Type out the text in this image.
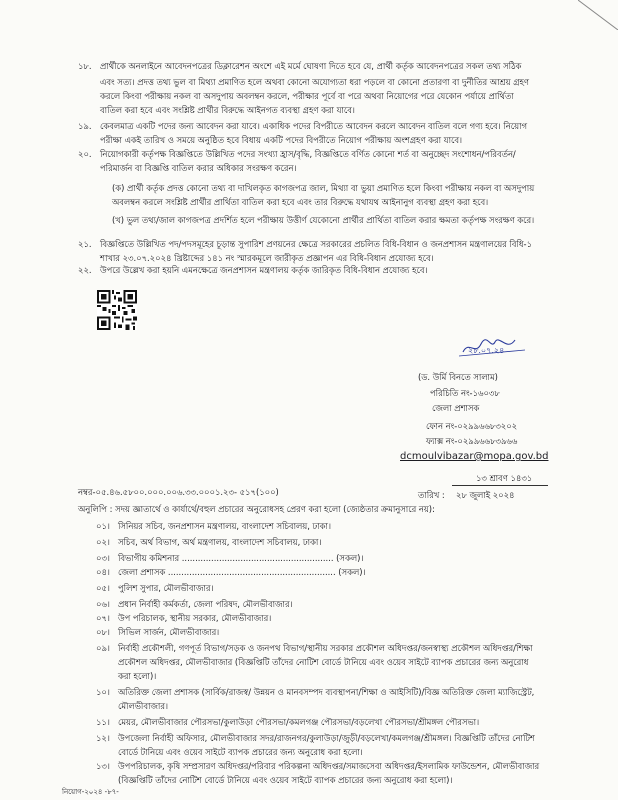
১৮. প্রার্থীকে অনলাইনে আবেদনপত্রের ডিক্লারেশন অংশে এই মর্মে ঘোষণা দিতে হবে যে, প্রার্থী কর্তৃক আবেদনপত্রের সকল তথ্য সঠিক
এবং সত্য। প্রদত্ত তথ্য ভুল বা মিথ্যা প্রমাণিত হলে অথবা কোনো অযোগ্যতা ধরা পড়লে বা কোনো প্রতারণা বা দুর্নীতির আশ্রয় গ্রহণ
করলে কিংবা পরীক্ষায় নকল বা অসদুপায় অবলম্বন করলে, পরীক্ষার পূর্বে বা পরে অথবা নিয়োগের পরে যেকোন পর্যায়ে প্রার্থিতা
বাতিল করা হবে এবং সংশ্লিষ্ট প্রার্থীর বিরুদ্ধে আইনগত ব্যবস্থা গ্রহণ করা যাবে।
১৯. কেবলমাত্র একটি পদের জন্য আবেদন করা যাবে। একাধিক পদের বিপরীতে আবেদন করলে আবেদন বাতিল বলে গণ্য হবে। নিয়োগ
পরীক্ষা একই তারিখ ও সময়ে অনুষ্ঠিত হবে বিধায় একটি পদের বিপরীতে নিয়োগ পরীক্ষায় অংশগ্রহণ করা যাবে।
২০. নিয়োগকারী কর্তৃপক্ষ বিজ্ঞপ্তিতে উল্লিখিত পদের সংখ্যা হ্রাস/বৃদ্ধি, বিজ্ঞপ্তিতে বর্ণিত কোনো শর্ত বা অনুচ্ছেদ সংশোধন/পরিবর্তন/
পরিমার্জন বা বিজ্ঞপ্তি বাতিল করার অধিকার সংরক্ষণ করেন।
(ক) প্রার্থী কর্তৃক প্রদত্ত কোনো তথ্য বা দাখিলকৃত কাগজপত্র জাল, মিথ্যা বা ভুয়া প্রমাণিত হলে কিংবা পরীক্ষায় নকল বা অসদুপায়
অবলম্বন করলে সংশ্লিষ্ট প্রার্থীর প্রার্থিতা বাতিল করা হবে এবং তার বিরুদ্ধে যথাযথ আইনানুগ ব্যবস্থা গ্রহণ করা হবে।
(খ) ভুল তথ্য/জাল কাগজপত্র প্রদর্শিত হলে পরীক্ষায় উত্তীর্ণ যেকোনো প্রার্থীর প্রার্থিতা বাতিল করার ক্ষমতা কর্তৃপক্ষ সংরক্ষণ করে।
২১. বিজ্ঞপ্তিতে উল্লিখিত পদ/পদসমূহের চূড়ান্ত সুপারিশ প্রণয়নের ক্ষেত্রে সরকারের প্রচলিত বিধি-বিধান ও জনপ্রশাসন মন্ত্রণালয়ের বিধি-১
শাখার ২৩.০৭.২০২৪ খ্রিষ্টাব্দের ১৪১ নং স্মারকমূলে জারীকৃত প্রজ্ঞাপন এর বিধি-বিধান প্রযোজ্য হবে।
২২. উপরে উল্লেখ করা হয়নি এমনক্ষেত্রে জনপ্রশাসন মন্ত্রণালয় কর্তৃক জারিকৃত বিধি-বিধান প্রযোজ্য হবে।
২৮.০৭.২৪
(ড. উর্মি বিনতে সালাম)
পরিচিতি নং-১৬০৩৮
জেলা প্রশাসক
ফোন নং-০২৯৯৬৬৮৩২০২
ফ্যাক্স নং-০২৯৯৬৬৮৩৯৬৬
dcmoulvibazar@mopa.gov.bd
১৩ শ্রাবণ ১৪৩১
তারিখ : ২৮ জুলাই ২০২৪
নম্বর-০৫.৪৬.৫৮০০.০০০.০০৬.৩৩.০০০১.২৩- ৫১৭(১০০)
অনুলিপি : সদয় জ্ঞাতার্থে ও কার্যার্থে/বহুল প্রচারের অনুরোধসহ প্রেরণ করা হলো (জ্যেষ্ঠতার ক্রমানুসারে নয়):
০১। সিনিয়র সচিব, জনপ্রশাসন মন্ত্রণালয়, বাংলাদেশ সচিবালয়, ঢাকা।
০২। সচিব, অর্থ বিভাগ, অর্থ মন্ত্রণালয়, বাংলাদেশ সচিবালয়, ঢাকা।
০৩। বিভাগীয় কমিশনার ......................................................... (সকল)।
০৪। জেলা প্রশাসক ............................................................... (সকল)।
০৫। পুলিশ সুপার, মৌলভীবাজার।
০৬। প্রধান নির্বাহী কর্মকর্তা, জেলা পরিষদ, মৌলভীবাজার।
০৭। উপ পরিচালক, স্থানীয় সরকার, মৌলভীবাজার।
০৮। সিভিল সার্জন, মৌলভীবাজার।
০৯। নির্বাহী প্রকৌশলী, গণপূর্ত বিভাগ/সড়ক ও জনপথ বিভাগ/স্থানীয় সরকার প্রকৌশল অধিদপ্তর/জনস্বাস্থ্য প্রকৌশল অধিদপ্তর/শিক্ষা
প্রকৌশল অধিদপ্তর, মৌলভীবাজার (বিজ্ঞপ্তিটি তাঁদের নোটিশ বোর্ডে টানিয়ে এবং ওয়েব সাইটে ব্যাপক প্রচারের জন্য অনুরোধ
করা হলো)।
১০। অতিরিক্ত জেলা প্রশাসক (সার্বিক/রাজস্ব/ উন্নয়ন ও মানবসম্পদ ব্যবস্থাপনা/শিক্ষা ও আইসিটি)/বিজ্ঞ অতিরিক্ত জেলা ম্যাজিস্ট্রেট,
মৌলভীবাজার।
১১। মেয়র, মৌলভীবাজার পৌরসভা/কুলাউড়া পৌরসভা/কমলগঞ্জ পৌরসভা/বড়লেখা পৌরসভা/শ্রীমঙ্গল পৌরসভা।
১২। উপজেলা নির্বাহী অফিসার, মৌলভীবাজার সদর/রাজনগর/কুলাউড়া/জুড়ী/বড়লেখা/কমলগঞ্জ/শ্রীমঙ্গল। বিজ্ঞপ্তিটি তাঁদের নোটিশ
বোর্ডে টানিয়ে এবং ওয়েব সাইটে ব্যাপক প্রচারের জন্য অনুরোধ করা হলো।
১৩। উপপরিচালক, কৃষি সম্প্রসারণ অধিদপ্তর/পরিবার পরিকল্পনা অধিদপ্তর/সমাজসেবা অধিদপ্তর/ইসলামিক ফাউন্ডেশন, মৌলভীবাজার
(বিজ্ঞপ্তিটি তাঁদের নোটিশ বোর্ডে টানিয়ে এবং ওয়েব সাইটে ব্যাপক প্রচারের জন্য অনুরোধ করা হলো)।
নিয়োগ-২০২৪ -৮৭-
